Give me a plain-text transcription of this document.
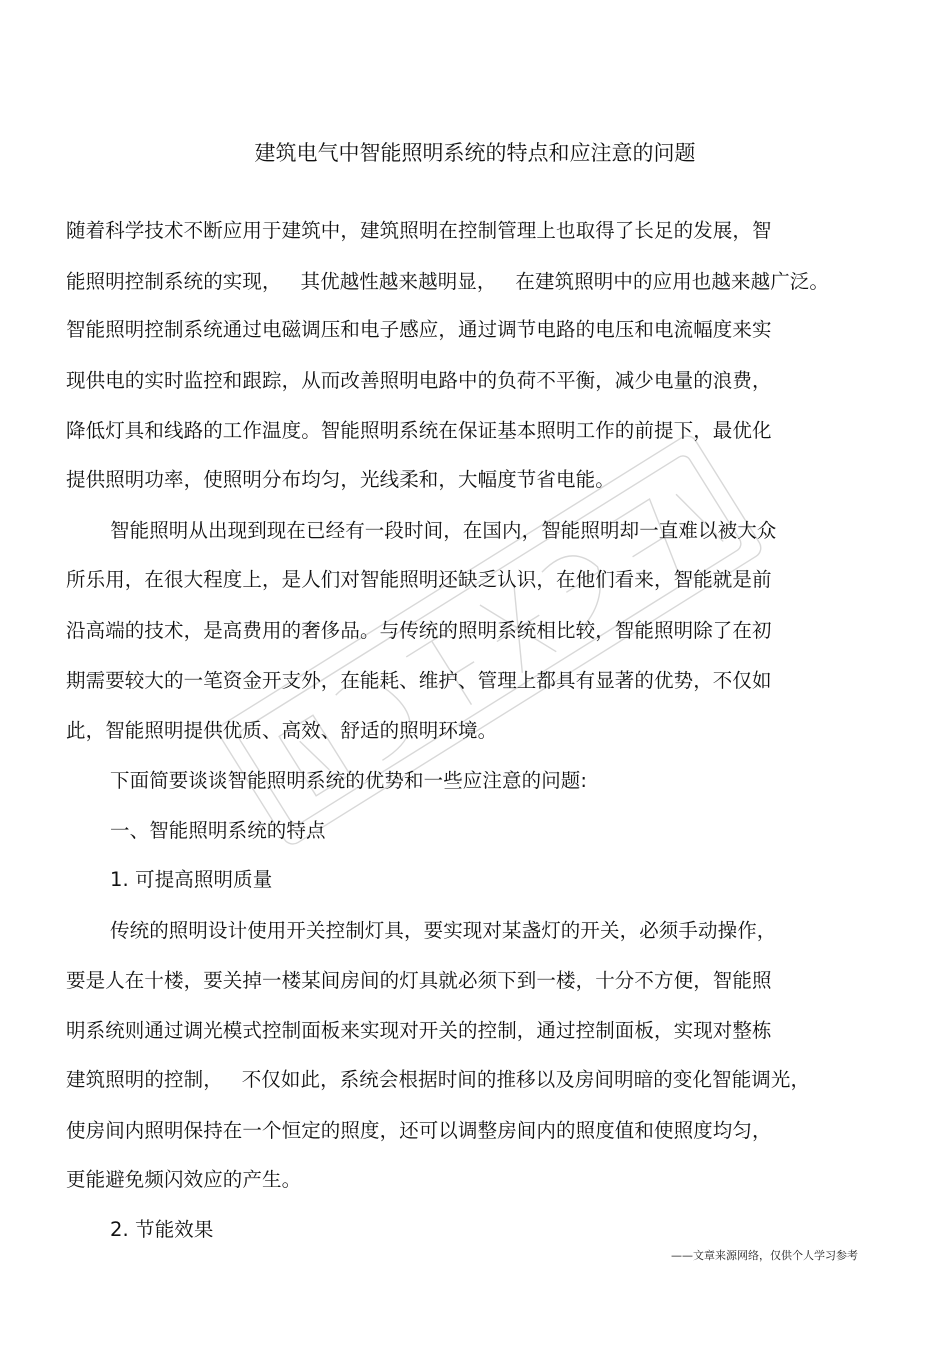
建筑电气中智能照明系统的特点和应注意的问题
随着科学技术不断应用于建筑中，建筑照明在控制管理上也取得了长足的发展，智
能照明控制系统的实现，   其优越性越来越明显，   在建筑照明中的应用也越来越广泛。
智能照明控制系统通过电磁调压和电子感应，通过调节电路的电压和电流幅度来实
现供电的实时监控和跟踪，从而改善照明电路中的负荷不平衡，减少电量的浪费，
降低灯具和线路的工作温度。智能照明系统在保证基本照明工作的前提下，最优化
提供照明功率，使照明分布均匀，光线柔和，大幅度节省电能。
智能照明从出现到现在已经有一段时间，在国内，智能照明却一直难以被大众
所乐用，在很大程度上，是人们对智能照明还缺乏认识，在他们看来，智能就是前
沿高端的技术，是高费用的奢侈品。与传统的照明系统相比较，智能照明除了在初
期需要较大的一笔资金开支外，在能耗、维护、管理上都具有显著的优势，不仅如
此，智能照明提供优质、高效、舒适的照明环境。
下面简要谈谈智能照明系统的优势和一些应注意的问题:
一、智能照明系统的特点
1. 可提高照明质量
传统的照明设计使用开关控制灯具，要实现对某盏灯的开关，必须手动操作，
要是人在十楼，要关掉一楼某间房间的灯具就必须下到一楼，十分不方便，智能照
明系统则通过调光模式控制面板来实现对开关的控制，通过控制面板，实现对整栋
建筑照明的控制，   不仅如此，系统会根据时间的推移以及房间明暗的变化智能调光，
使房间内照明保持在一个恒定的照度，还可以调整房间内的照度值和使照度均匀，
更能避免频闪效应的产生。
2. 节能效果
——文章来源网络，仅供个人学习参考
